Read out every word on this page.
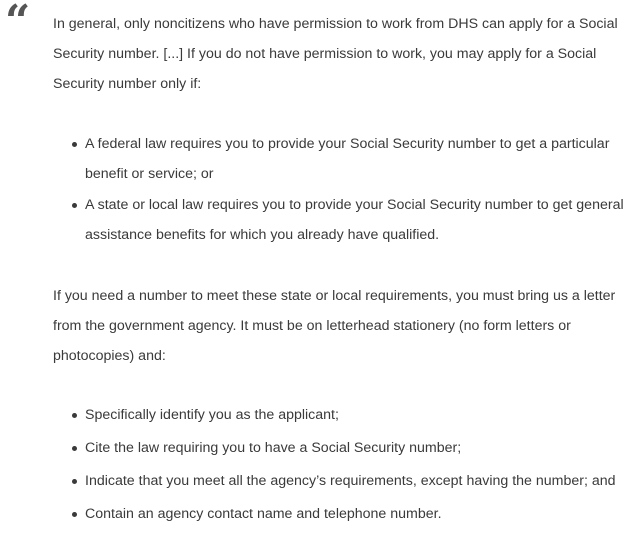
“ In general, only noncitizens who have permission to work from DHS can apply for a Social Security number. [...] If you do not have permission to work, you may apply for a Social Security number only if:

A federal law requires you to provide your Social Security number to get a particular benefit or service; or
A state or local law requires you to provide your Social Security number to get general assistance benefits for which you already have qualified.

If you need a number to meet these state or local requirements, you must bring us a letter from the government agency. It must be on letterhead stationery (no form letters or photocopies) and:

Specifically identify you as the applicant;
Cite the law requiring you to have a Social Security number;
Indicate that you meet all the agency’s requirements, except having the number; and
Contain an agency contact name and telephone number.
